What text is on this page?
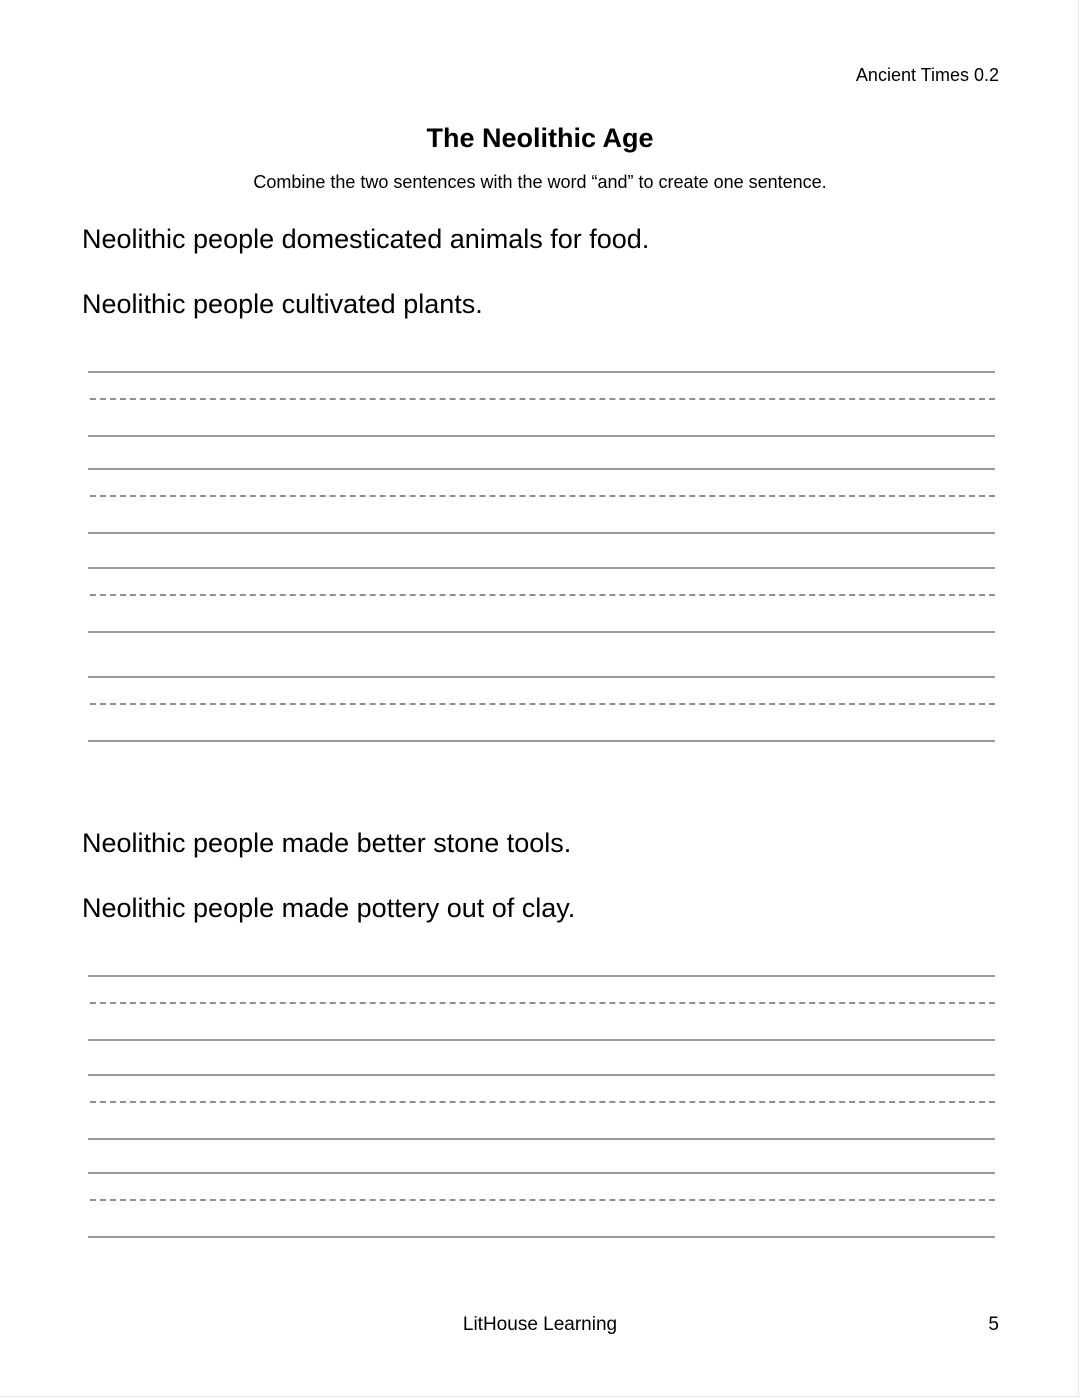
Ancient Times 0.2
The Neolithic Age
Combine the two sentences with the word “and” to create one sentence.
Neolithic people domesticated animals for food.
Neolithic people cultivated plants.
Neolithic people made better stone tools.
Neolithic people made pottery out of clay.
LitHouse Learning	5
